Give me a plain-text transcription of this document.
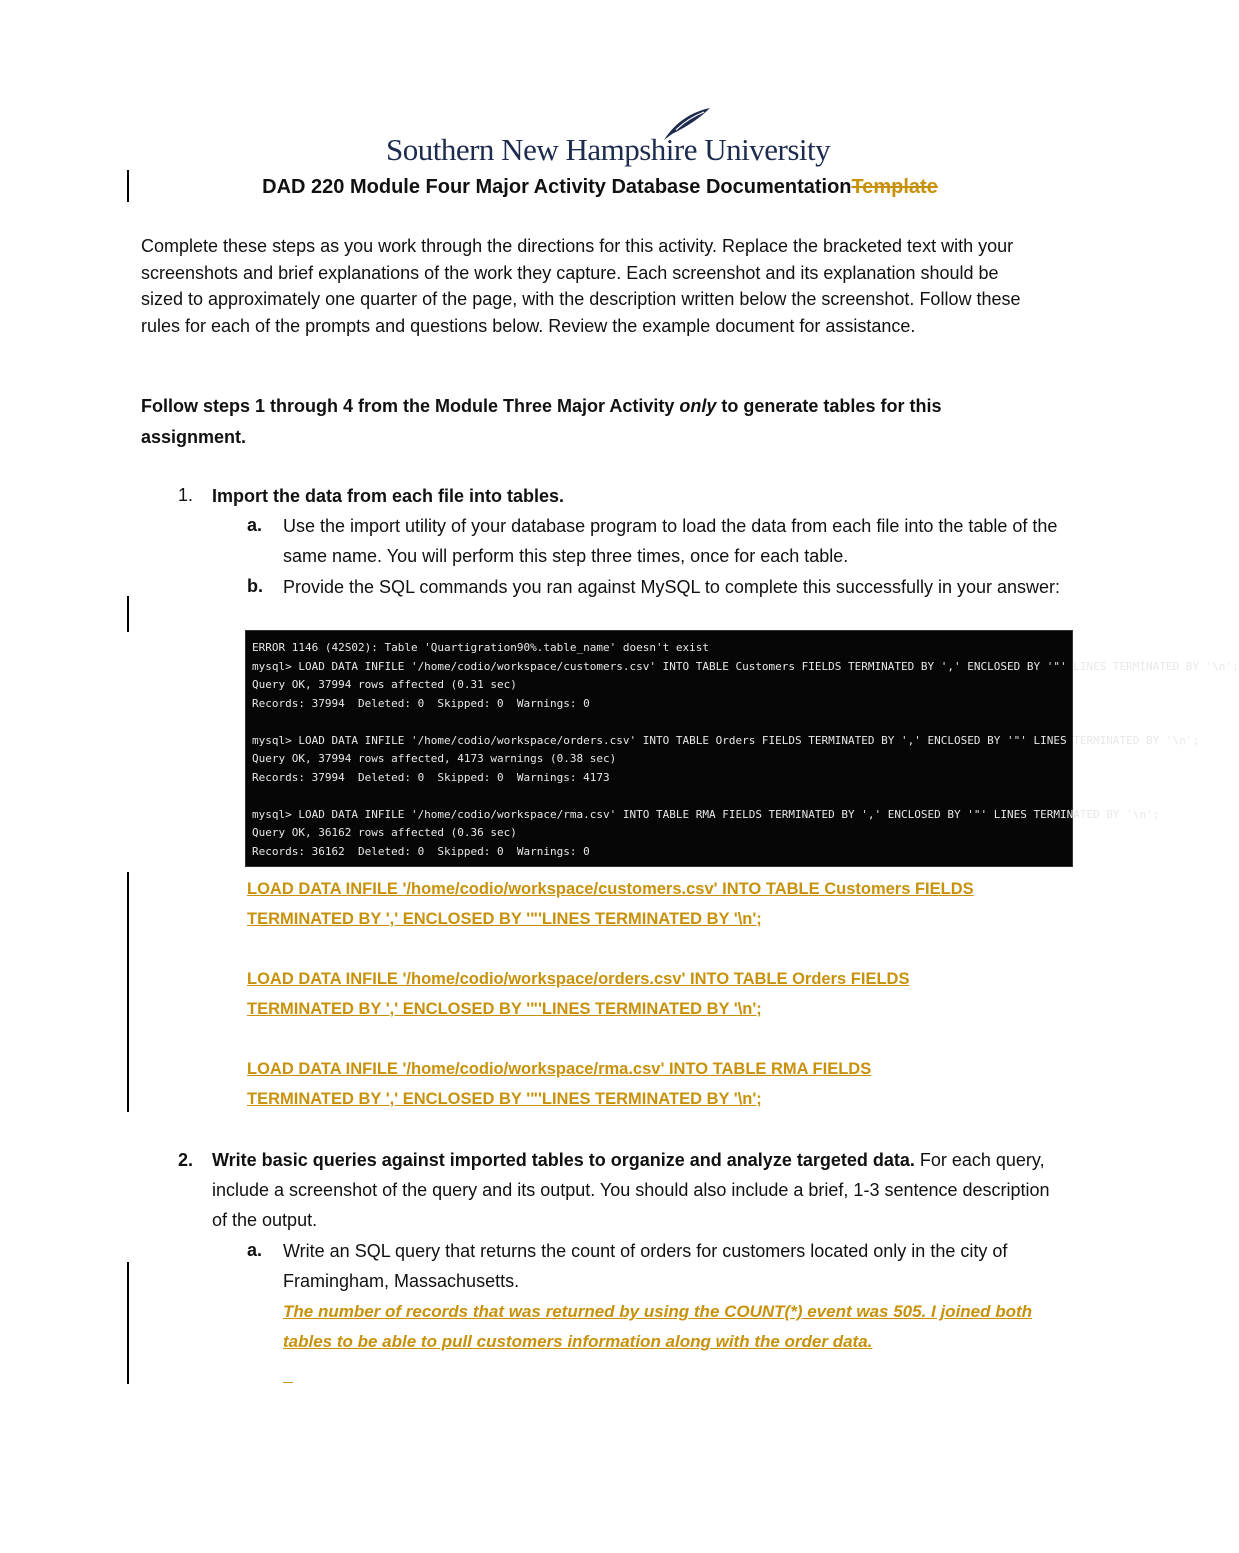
Southern New Hampshire University
DAD 220 Module Four Major Activity Database DocumentationTemplate
Complete these steps as you work through the directions for this activity. Replace the bracketed text with your screenshots and brief explanations of the work they capture. Each screenshot and its explanation should be sized to approximately one quarter of the page, with the description written below the screenshot. Follow these rules for each of the prompts and questions below. Review the example document for assistance.
Follow steps 1 through 4 from the Module Three Major Activity only to generate tables for this assignment.
1. Import the data from each file into tables.
a. Use the import utility of your database program to load the data from each file into the table of the same name. You will perform this step three times, once for each table.
b. Provide the SQL commands you ran against MySQL to complete this successfully in your answer:
ERROR 1146 (42S02): Table 'Quartigration90%.table_name' doesn't exist
mysql> LOAD DATA INFILE '/home/codio/workspace/customers.csv' INTO TABLE Customers FIELDS TERMINATED BY ',' ENCLOSED BY '"' LINES TERMINATED BY '\n';
Query OK, 37994 rows affected (0.31 sec)
Records: 37994  Deleted: 0  Skipped: 0  Warnings: 0
mysql> LOAD DATA INFILE '/home/codio/workspace/orders.csv' INTO TABLE Orders FIELDS TERMINATED BY ',' ENCLOSED BY '"' LINES TERMINATED BY '\n';
Query OK, 37994 rows affected, 4173 warnings (0.38 sec)
Records: 37994  Deleted: 0  Skipped: 0  Warnings: 4173
mysql> LOAD DATA INFILE '/home/codio/workspace/rma.csv' INTO TABLE RMA FIELDS TERMINATED BY ',' ENCLOSED BY '"' LINES TERMINATED BY '\n';
Query OK, 36162 rows affected (0.36 sec)
Records: 36162  Deleted: 0  Skipped: 0  Warnings: 0
LOAD DATA INFILE '/home/codio/workspace/customers.csv' INTO TABLE Customers FIELDS
TERMINATED BY ',' ENCLOSED BY '"'LINES TERMINATED BY '\n';
LOAD DATA INFILE '/home/codio/workspace/orders.csv' INTO TABLE Orders FIELDS
TERMINATED BY ',' ENCLOSED BY '"'LINES TERMINATED BY '\n';
LOAD DATA INFILE '/home/codio/workspace/rma.csv' INTO TABLE RMA FIELDS
TERMINATED BY ',' ENCLOSED BY '"'LINES TERMINATED BY '\n';
2. Write basic queries against imported tables to organize and analyze targeted data. For each query, include a screenshot of the query and its output. You should also include a brief, 1-3 sentence description of the output.
a. Write an SQL query that returns the count of orders for customers located only in the city of Framingham, Massachusetts.
The number of records that was returned by using the COUNT(*) event was 505. I joined both tables to be able to pull customers information along with the order data.
